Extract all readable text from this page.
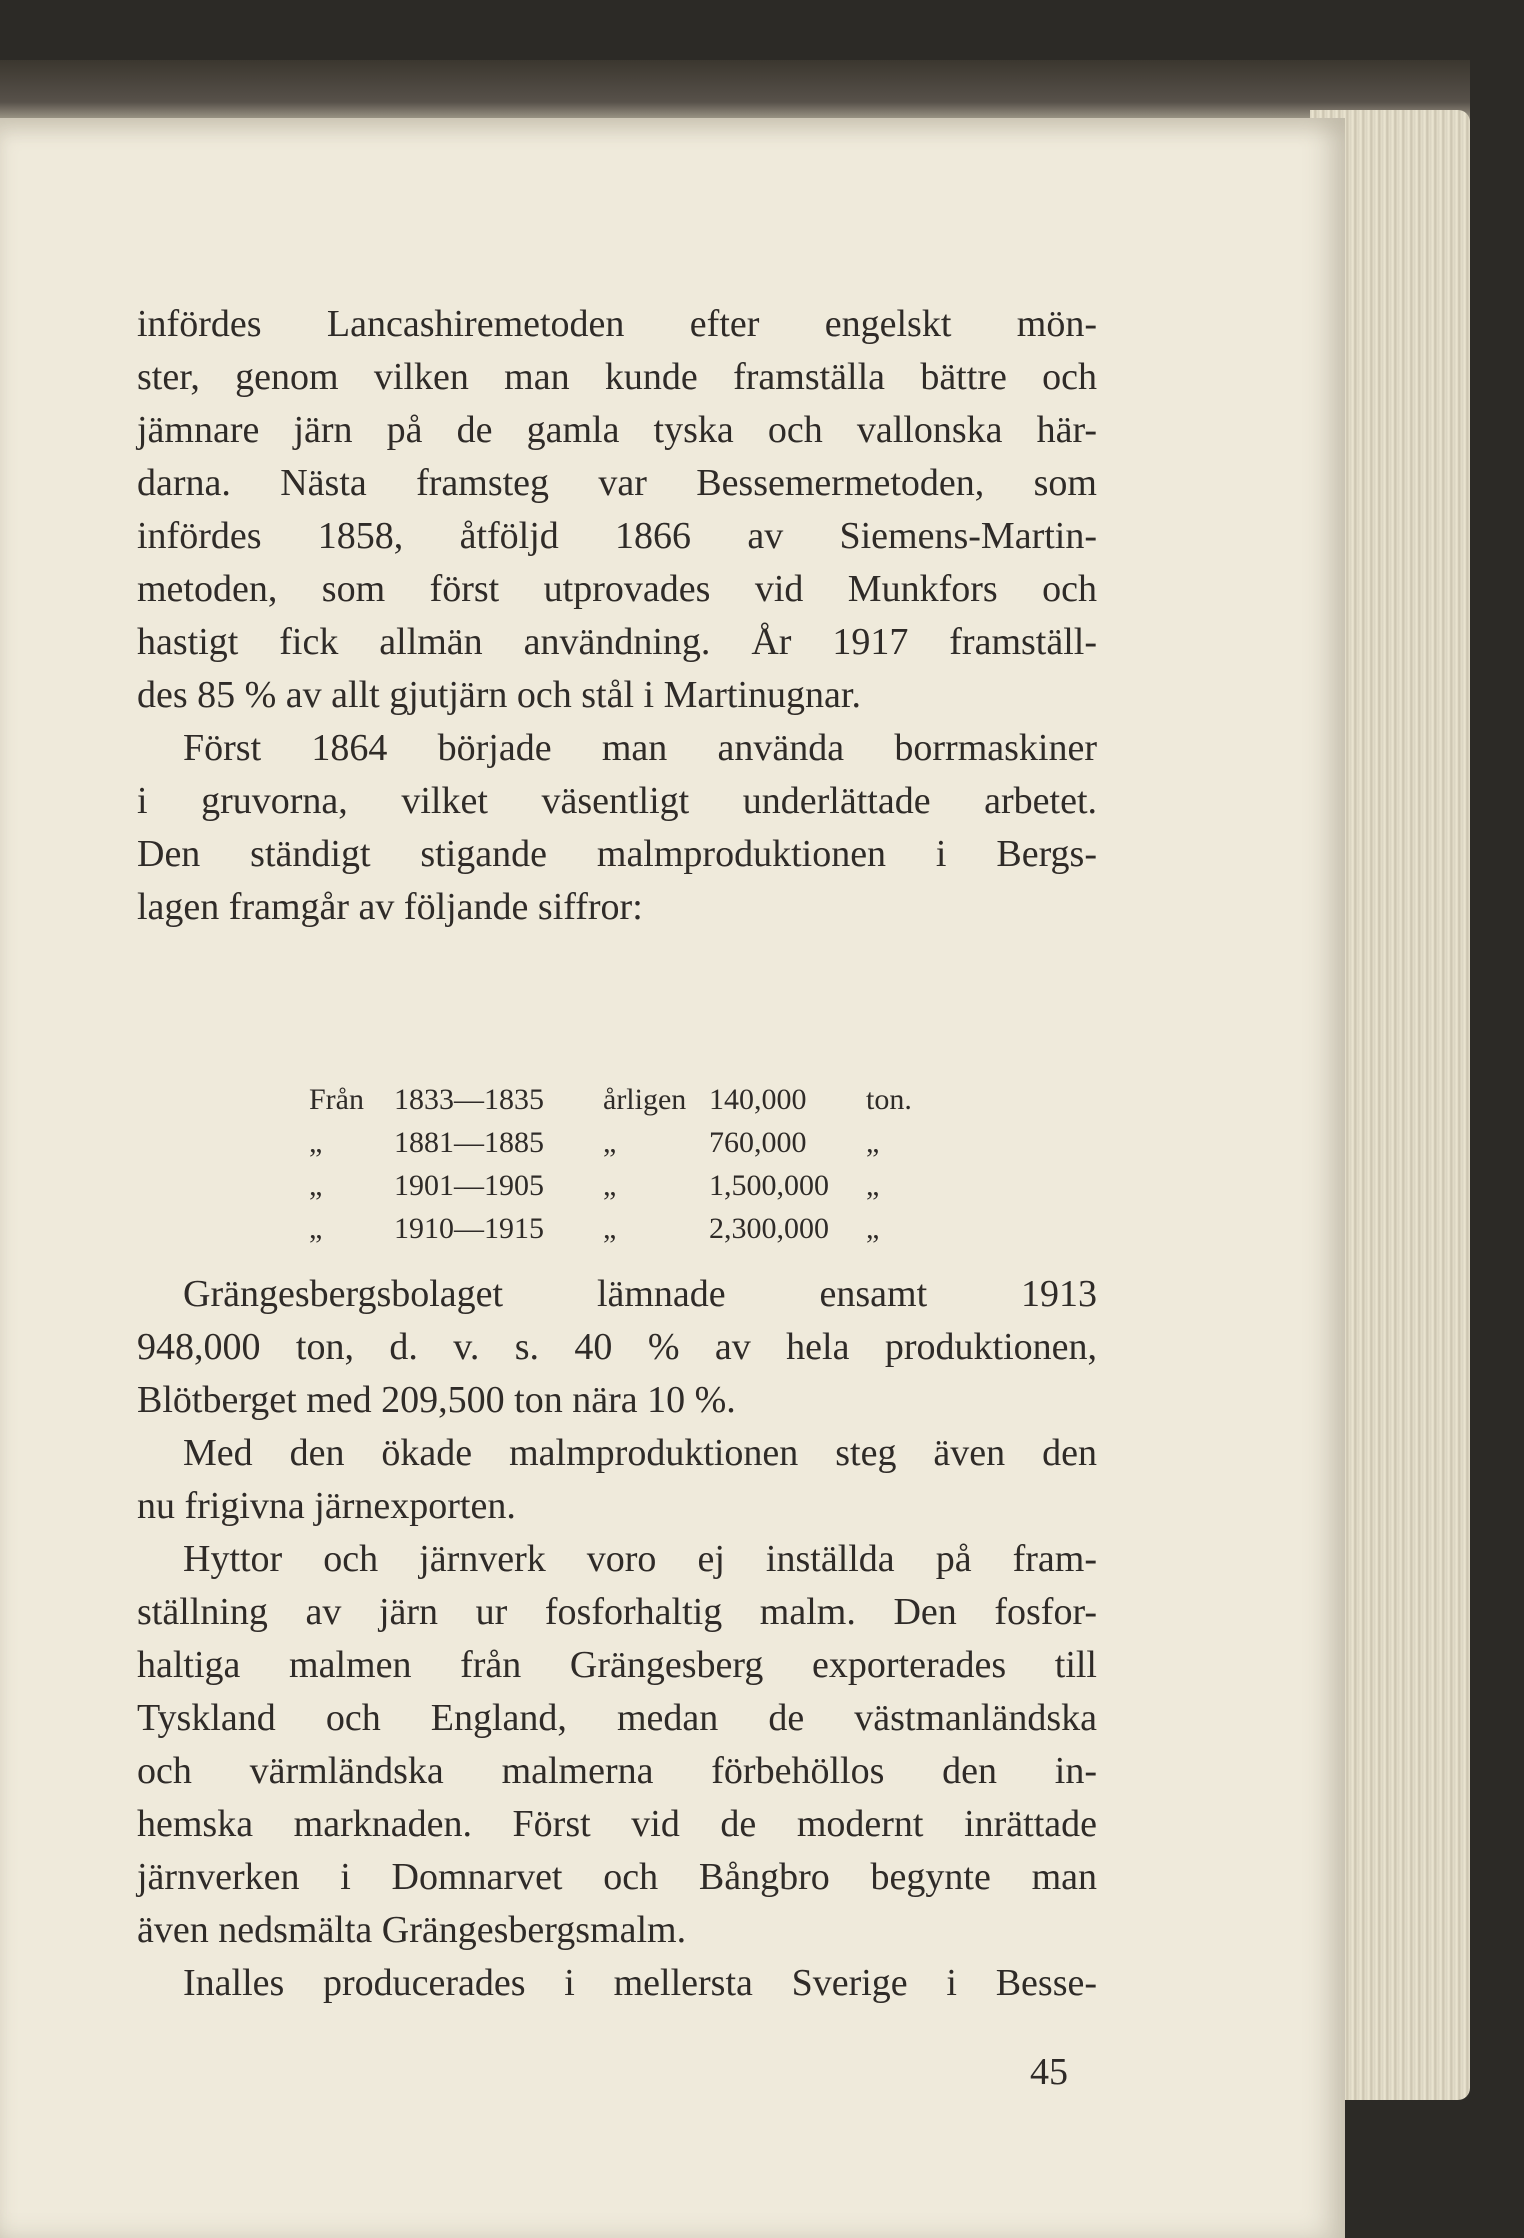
infördes Lancashiremetoden efter engelskt mön-
ster, genom vilken man kunde framställa bättre och
jämnare järn på de gamla tyska och vallonska här-
darna. Nästa framsteg var Bessemermetoden, som
infördes 1858, åtföljd 1866 av Siemens-Martin-
metoden, som först utprovades vid Munkfors och
hastigt fick allmän användning. År 1917 framställ-
des 85 % av allt gjutjärn och stål i Martinugnar.
Först 1864 började man använda borrmaskiner
i gruvorna, vilket väsentligt underlättade arbetet.
Den ständigt stigande malmproduktionen i Bergs-
lagen framgår av följande siffror:
Från 1833—1835 årligen 140,000 ton.
„ 1881—1885 „	760,000 „
„ 1901—1905 „	1,500,000 „
„ 1910—1915 „	2,300,000 „
Grängesbergsbolaget lämnade ensamt 1913
948,000 ton, d. v. s. 40 % av hela produktionen,
Blötberget med 209,500 ton nära 10 %.
Med den ökade malmproduktionen steg även den
nu frigivna järnexporten.
Hyttor och järnverk voro ej inställda på fram-
ställning av järn ur fosforhaltig malm. Den fosfor-
haltiga malmen från Grängesberg exporterades till
Tyskland och England, medan de västmanländska
och värmländska malmerna förbehöllos den in-
hemska marknaden. Först vid de modernt inrättade
järnverken i Domnarvet och Bångbro begynte man
även nedsmälta Grängesbergsmalm.
Inalles producerades i mellersta Sverige i Besse-
45
